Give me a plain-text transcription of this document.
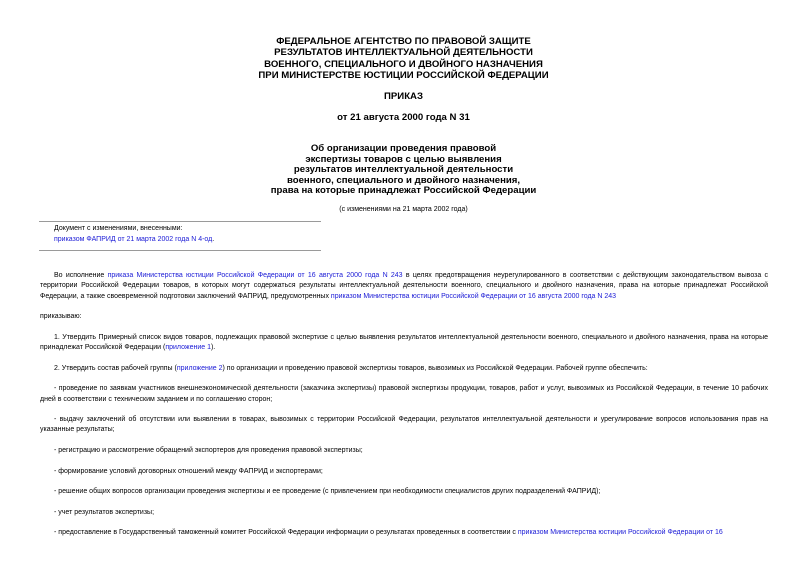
ФЕДЕРАЛЬНОЕ АГЕНТСТВО ПО ПРАВОВОЙ ЗАЩИТЕ
РЕЗУЛЬТАТОВ ИНТЕЛЛЕКТУАЛЬНОЙ ДЕЯТЕЛЬНОСТИ
ВОЕННОГО, СПЕЦИАЛЬНОГО И ДВОЙНОГО НАЗНАЧЕНИЯ
ПРИ МИНИСТЕРСТВЕ ЮСТИЦИИ РОССИЙСКОЙ ФЕДЕРАЦИИ
ПРИКАЗ
от 21 августа 2000 года N 31
Об организации проведения правовой
экспертизы товаров с целью выявления
результатов интеллектуальной деятельности
военного, специального и двойного назначения,
права на которые принадлежат Российской Федерации
(с изменениями на 21 марта 2002 года)
Документ с изменениями, внесенными:
приказом ФАПРИД от 21 марта 2002 года N 4-од.

Во исполнение приказа Министерства юстиции Российской Федерации от 16 августа 2000 года N 243 в целях предотвращения неурегулированного в соответствии с действующим законодательством вывоза с территории Российской Федерации товаров, в которых могут содержаться результаты интеллектуальной деятельности военного, специального и двойного назначения, права на которые принадлежат Российской Федерации, а также своевременной подготовки заключений ФАПРИД, предусмотренных приказом Министерства юстиции Российской Федерации от 16 августа 2000 года N 243

приказываю:

1. Утвердить Примерный список видов товаров, подлежащих правовой экспертизе с целью выявления результатов интеллектуальной деятельности военного, специального и двойного назначения, права на которые принадлежат Российской Федерации (приложение 1).

2. Утвердить состав рабочей группы (приложение 2) по организации и проведению правовой экспертизы товаров, вывозимых из Российской Федерации. Рабочей группе обеспечить:

- проведение по заявкам участников внешнеэкономической деятельности (заказчика экспертизы) правовой экспертизы продукции, товаров, работ и услуг, вывозимых из Российской Федерации, в течение 10 рабочих дней в соответствии с техническим заданием и по соглашению сторон;

- выдачу заключений об отсутствии или выявлении в товарах, вывозимых с территории Российской Федерации, результатов интеллектуальной деятельности и урегулирование вопросов использования прав на указанные результаты;

- регистрацию и рассмотрение обращений экспортеров для проведения правовой экспертизы;

- формирование условий договорных отношений между ФАПРИД и экспортерами;

- решение общих вопросов организации проведения экспертизы и ее проведение (с привлечением при необходимости специалистов других подразделений ФАПРИД);

- учет результатов экспертизы;

- предоставление в Государственный таможенный комитет Российской Федерации информации о результатах проведенных в соответствии с приказом Министерства юстиции Российской Федерации от 16
